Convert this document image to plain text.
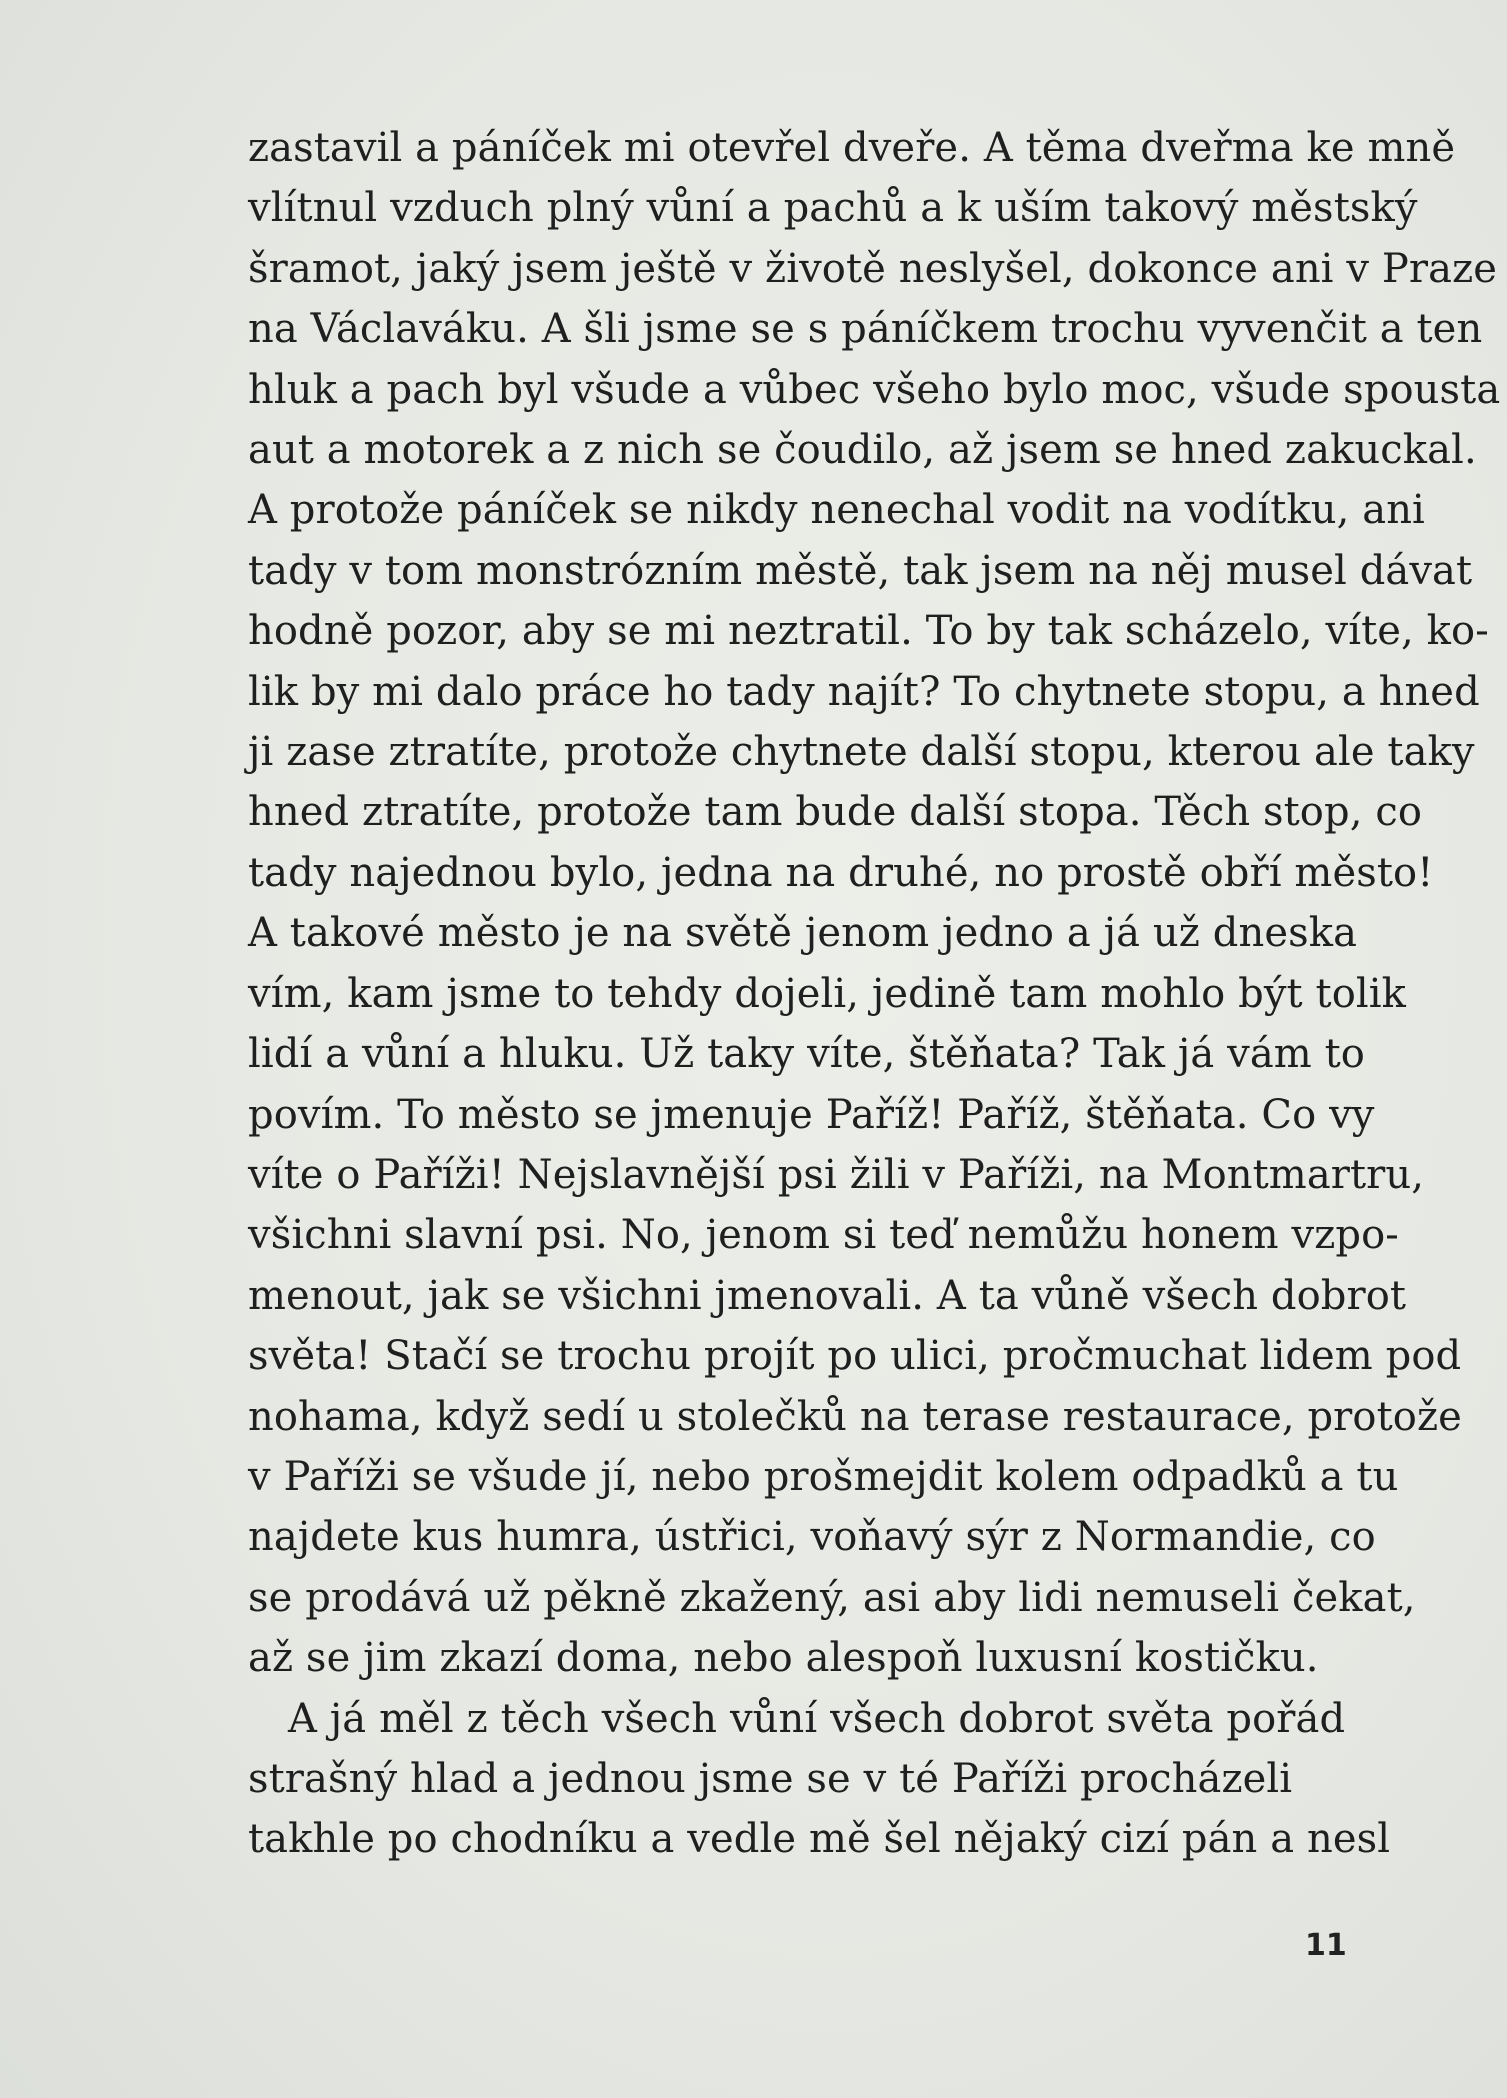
zastavil a páníček mi otevřel dveře. A těma dveřma ke mně
vlítnul vzduch plný vůní a pachů a k uším takový městský
šramot, jaký jsem ještě v životě neslyšel, dokonce ani v Praze
na Václaváku. A šli jsme se s páníčkem trochu vyvenčit a ten
hluk a pach byl všude a vůbec všeho bylo moc, všude spousta
aut a motorek a z nich se čoudilo, až jsem se hned zakuckal.
A protože páníček se nikdy nenechal vodit na vodítku, ani
tady v tom monstrózním městě, tak jsem na něj musel dávat
hodně pozor, aby se mi neztratil. To by tak scházelo, víte, ko-
lik by mi dalo práce ho tady najít? To chytnete stopu, a hned
ji zase ztratíte, protože chytnete další stopu, kterou ale taky
hned ztratíte, protože tam bude další stopa. Těch stop, co
tady najednou bylo, jedna na druhé, no prostě obří město!
A takové město je na světě jenom jedno a já už dneska
vím, kam jsme to tehdy dojeli, jedině tam mohlo být tolik
lidí a vůní a hluku. Už taky víte, štěňata? Tak já vám to
povím. To město se jmenuje Paříž! Paříž, štěňata. Co vy
víte o Paříži! Nejslavnější psi žili v Paříži, na Montmartru,
všichni slavní psi. No, jenom si teď nemůžu honem vzpo-
menout, jak se všichni jmenovali. A ta vůně všech dobrot
světa! Stačí se trochu projít po ulici, pročmuchat lidem pod
nohama, když sedí u stolečků na terase restaurace, protože
v Paříži se všude jí, nebo prošmejdit kolem odpadků a tu
najdete kus humra, ústřici, voňavý sýr z Normandie, co
se prodává už pěkně zkažený, asi aby lidi nemuseli čekat,
až se jim zkazí doma, nebo alespoň luxusní kostičku.
A já měl z těch všech vůní všech dobrot světa pořád
strašný hlad a jednou jsme se v té Paříži procházeli
takhle po chodníku a vedle mě šel nějaký cizí pán a nesl
11
